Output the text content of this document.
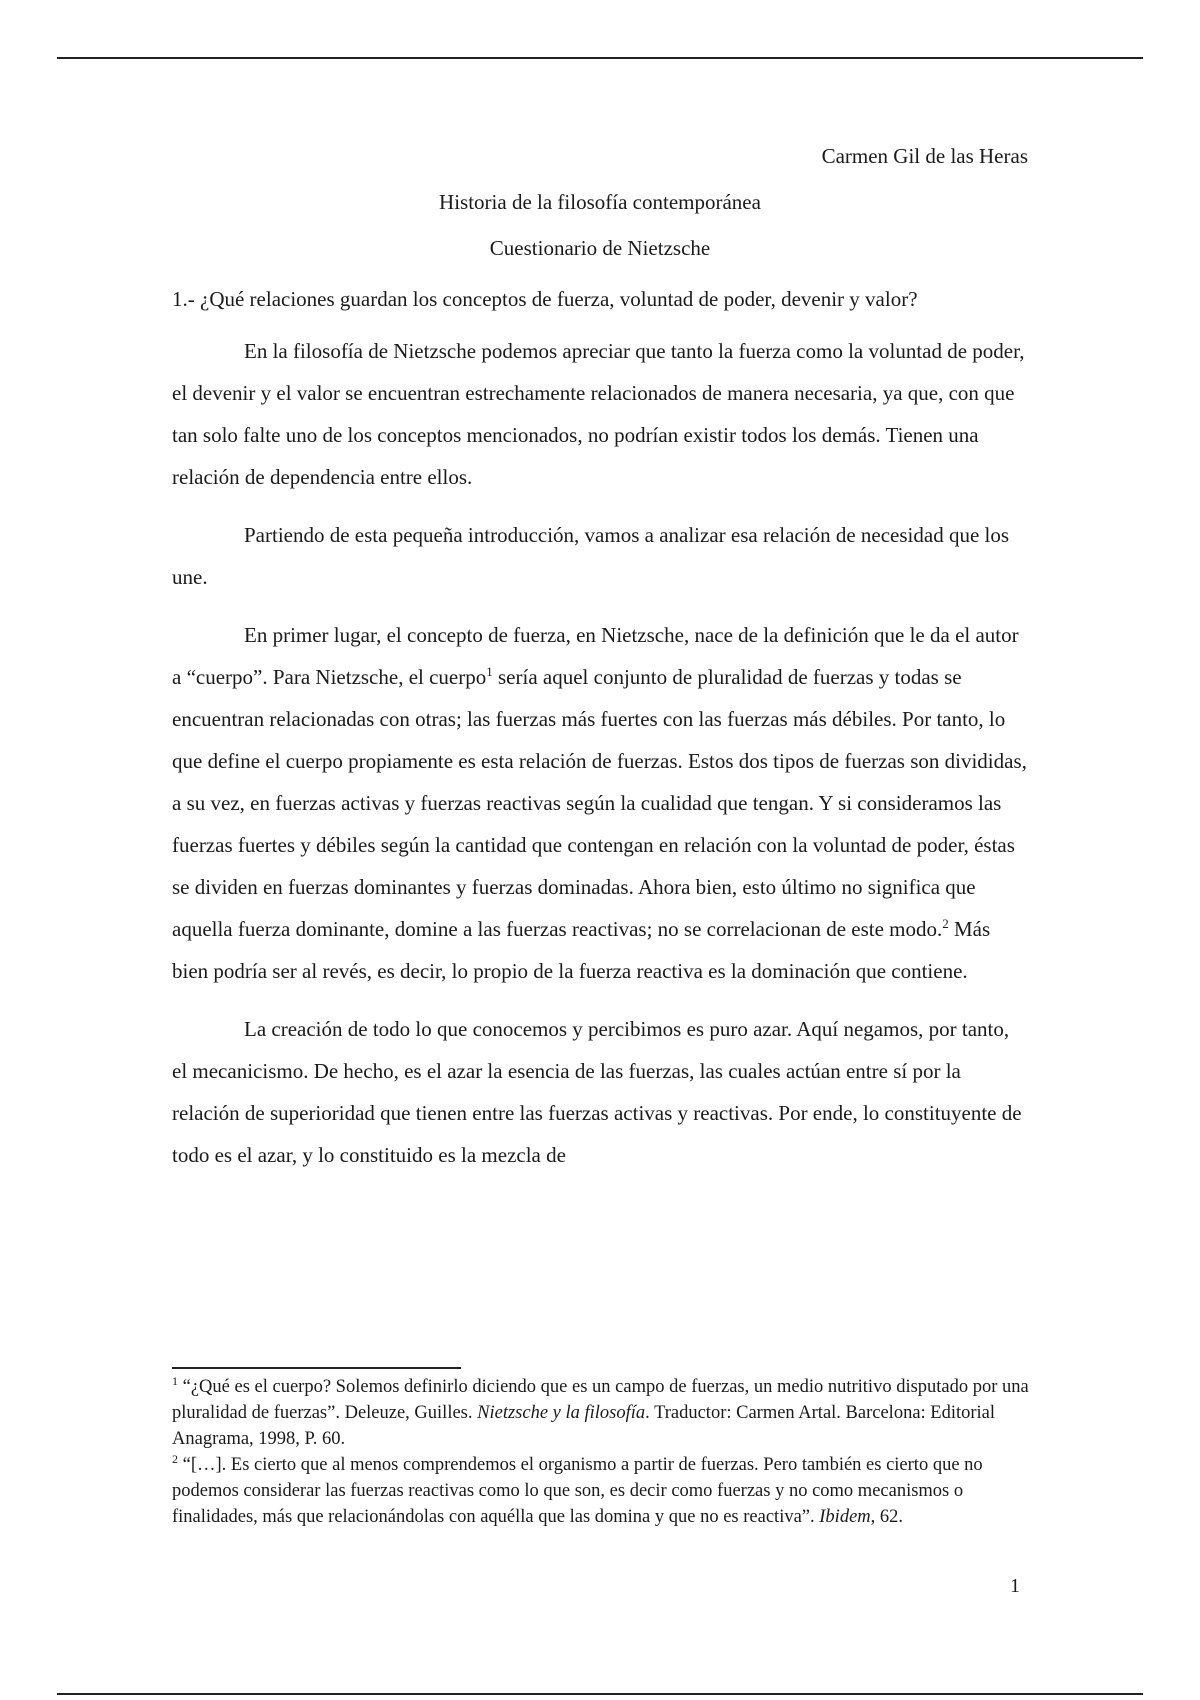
Carmen Gil de las Heras

Historia de la filosofía contemporánea

Cuestionario de Nietzsche

1.- ¿Qué relaciones guardan los conceptos de fuerza, voluntad de poder, devenir y valor?

En la filosofía de Nietzsche podemos apreciar que tanto la fuerza como la voluntad de poder, el devenir y el valor se encuentran estrechamente relacionados de manera necesaria, ya que, con que tan solo falte uno de los conceptos mencionados, no podrían existir todos los demás. Tienen una relación de dependencia entre ellos.

Partiendo de esta pequeña introducción, vamos a analizar esa relación de necesidad que los une.

En primer lugar, el concepto de fuerza, en Nietzsche, nace de la definición que le da el autor a “cuerpo”. Para Nietzsche, el cuerpo$^1$ sería aquel conjunto de pluralidad de fuerzas y todas se encuentran relacionadas con otras; las fuerzas más fuertes con las fuerzas más débiles. Por tanto, lo que define el cuerpo propiamente es esta relación de fuerzas. Estos dos tipos de fuerzas son divididas, a su vez, en fuerzas activas y fuerzas reactivas según la cualidad que tengan. Y si consideramos las fuerzas fuertes y débiles según la cantidad que contengan en relación con la voluntad de poder, éstas se dividen en fuerzas dominantes y fuerzas dominadas. Ahora bien, esto último no significa que aquella fuerza dominante, domine a las fuerzas reactivas; no se correlacionan de este modo.$^2$ Más bien podría ser al revés, es decir, lo propio de la fuerza reactiva es la dominación que contiene.

La creación de todo lo que conocemos y percibimos es puro azar. Aquí negamos, por tanto, el mecanicismo. De hecho, es el azar la esencia de las fuerzas, las cuales actúan entre sí por la relación de superioridad que tienen entre las fuerzas activas y reactivas. Por ende, lo constituyente de todo es el azar, y lo constituido es la mezcla de

$^1$ “¿Qué es el cuerpo? Solemos definirlo diciendo que es un campo de fuerzas, un medio nutritivo disputado por una pluralidad de fuerzas”. Deleuze, Guilles. Nietzsche y la filosofía. Traductor: Carmen Artal. Barcelona: Editorial Anagrama, 1998, P. 60.

$^2$ “[…]. Es cierto que al menos comprendemos el organismo a partir de fuerzas. Pero también es cierto que no podemos considerar las fuerzas reactivas como lo que son, es decir como fuerzas y no como mecanismos o finalidades, más que relacionándolas con aquélla que las domina y que no es reactiva”. Ibidem, 62.

1
